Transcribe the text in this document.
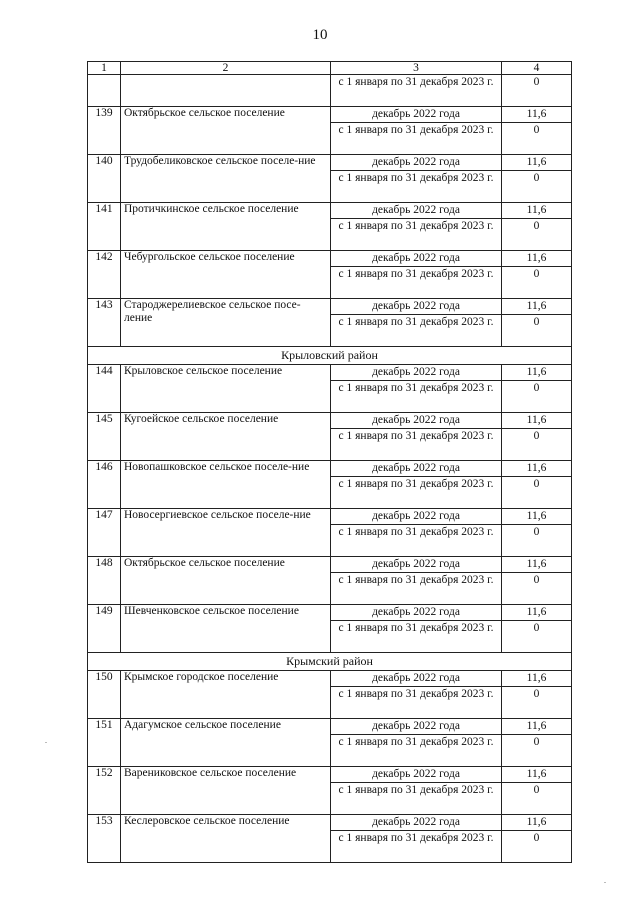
10
1	2	3	4
		с 1 января по 31 декабря 2023 г.	0
139	Октябрьское сельское поселение	декабрь 2022 года	11,6
		с 1 января по 31 декабря 2023 г.	0
140	Трудобеликовское сельское поселе-ние	декабрь 2022 года	11,6
		с 1 января по 31 декабря 2023 г.	0
141	Протичкинское сельское поселение	декабрь 2022 года	11,6
		с 1 января по 31 декабря 2023 г.	0
142	Чебургольское сельское поселение	декабрь 2022 года	11,6
		с 1 января по 31 декабря 2023 г.	0
143	Староджерелиевское сельское посе-ление	декабрь 2022 года	11,6
		с 1 января по 31 декабря 2023 г.	0
Крыловский район			
144	Крыловское сельское поселение	декабрь 2022 года	11,6
		с 1 января по 31 декабря 2023 г.	0
145	Кугоейское сельское поселение	декабрь 2022 года	11,6
		с 1 января по 31 декабря 2023 г.	0
146	Новопашковское сельское поселе-ние	декабрь 2022 года	11,6
		с 1 января по 31 декабря 2023 г.	0
147	Новосергиевское сельское поселе-ние	декабрь 2022 года	11,6
		с 1 января по 31 декабря 2023 г.	0
148	Октябрьское сельское поселение	декабрь 2022 года	11,6
		с 1 января по 31 декабря 2023 г.	0
149	Шевченковское сельское поселение	декабрь 2022 года	11,6
		с 1 января по 31 декабря 2023 г.	0
Крымский район			
150	Крымское городское поселение	декабрь 2022 года	11,6
		с 1 января по 31 декабря 2023 г.	0
151	Адагумское сельское поселение	декабрь 2022 года	11,6
		с 1 января по 31 декабря 2023 г.	0
152	Варениковское сельское поселение	декабрь 2022 года	11,6
		с 1 января по 31 декабря 2023 г.	0
153	Кеслеровское сельское поселение	декабрь 2022 года	11,6
		с 1 января по 31 декабря 2023 г.	0
